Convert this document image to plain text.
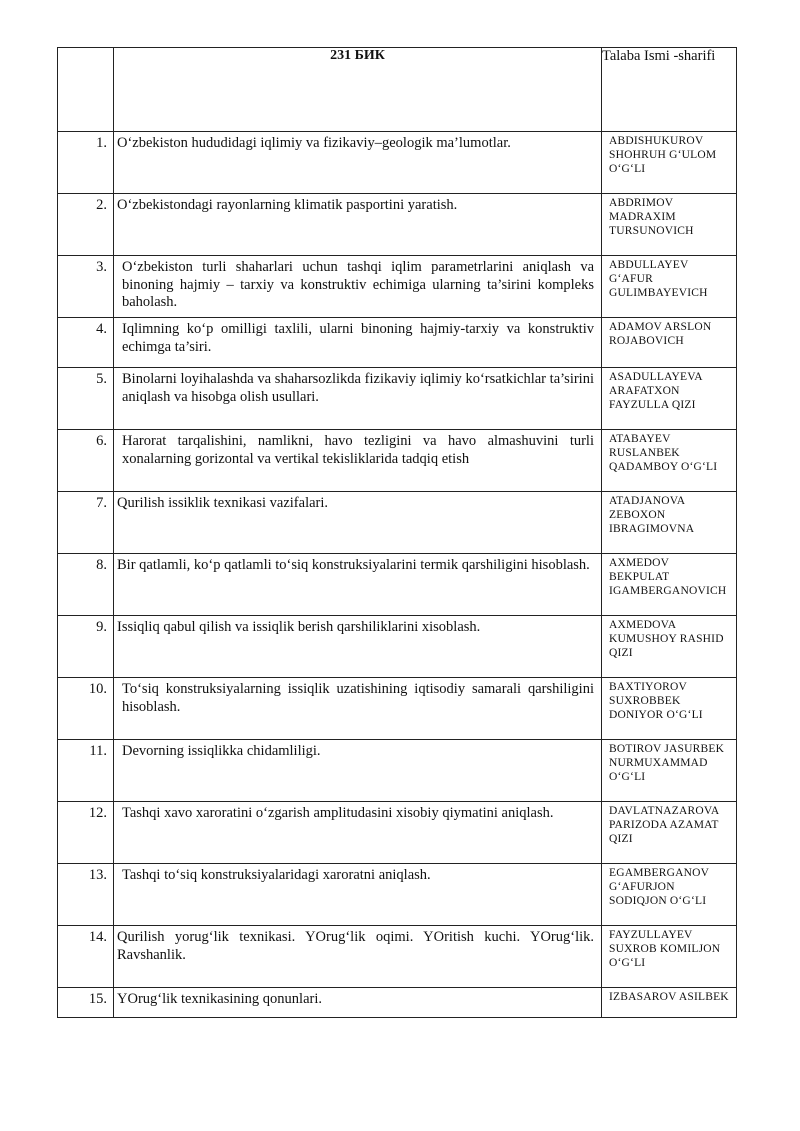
	231 БИК	Talaba Ismi -sharifi
1.	O‘zbekiston hududidagi iqlimiy va fizikaviy–geologik ma’lumotlar.	ABDISHUKUROV SHOHRUH G‘ULOM O‘G‘LI
2.	O‘zbekistondagi rayonlarning klimatik pasportini yaratish.	ABDRIMOV MADRAXIM TURSUNOVICH
3.	O‘zbekiston turli shaharlari uchun tashqi iqlim parametrlarini aniqlash va binoning hajmiy – tarxiy va konstruktiv echimiga ularning ta’sirini kompleks baholash.	ABDULLAYEV G‘AFUR GULIMBAYEVICH
4.	Iqlimning ko‘p omilligi taxlili, ularni binoning hajmiy-tarxiy va konstruktiv echimga ta’siri.	ADAMOV ARSLON ROJABOVICH
5.	Binolarni loyihalashda va shaharsozlikda fizikaviy iqlimiy ko‘rsatkichlar ta’sirini aniqlash va hisobga olish usullari.	ASADULLAYEVA ARAFATXON FAYZULLA QIZI
6.	Harorat tarqalishini, namlikni, havo tezligini va havo almashuvini turli xonalarning gorizontal va vertikal tekisliklarida tadqiq etish	ATABAYEV RUSLANBEK QADAMBOY O‘G‘LI
7.	Qurilish issiklik texnikasi vazifalari.	ATADJANOVA ZEBOXON IBRAGIMOVNA
8.	Bir qatlamli, ko‘p qatlamli to‘siq konstruksiyalarini termik qarshiligini hisoblash.	AXMEDOV BEKPULAT IGAMBERGANOVICH
9.	Issiqliq qabul qilish va issiqlik berish qarshiliklarini xisoblash.	AXMEDOVA KUMUSHOY RASHID QIZI
10.	To‘siq konstruksiyalarning issiqlik uzatishining iqtisodiy samarali qarshiligini hisoblash.	BAXTIYOROV SUXROBBEK DONIYOR O‘G‘LI
11.	Devorning issiqlikka chidamliligi.	BOTIROV JASURBEK NURMUXAMMAD O‘G‘LI
12.	Tashqi xavo xaroratini o‘zgarish amplitudasini xisobiy qiymatini aniqlash.	DAVLATNAZAROVA PARIZODA AZAMAT QIZI
13.	Tashqi to‘siq konstruksiyalaridagi xaroratni aniqlash.	EGAMBERGANOV G‘AFURJON SODIQJON O‘G‘LI
14.	Qurilish yorug‘lik texnikasi. YOrug‘lik oqimi. YOritish kuchi. YOrug‘lik. Ravshanlik.	FAYZULLAYEV SUXROB KOMILJON O‘G‘LI
15.	YOrug‘lik texnikasining qonunlari.	IZBASAROV ASILBEK
